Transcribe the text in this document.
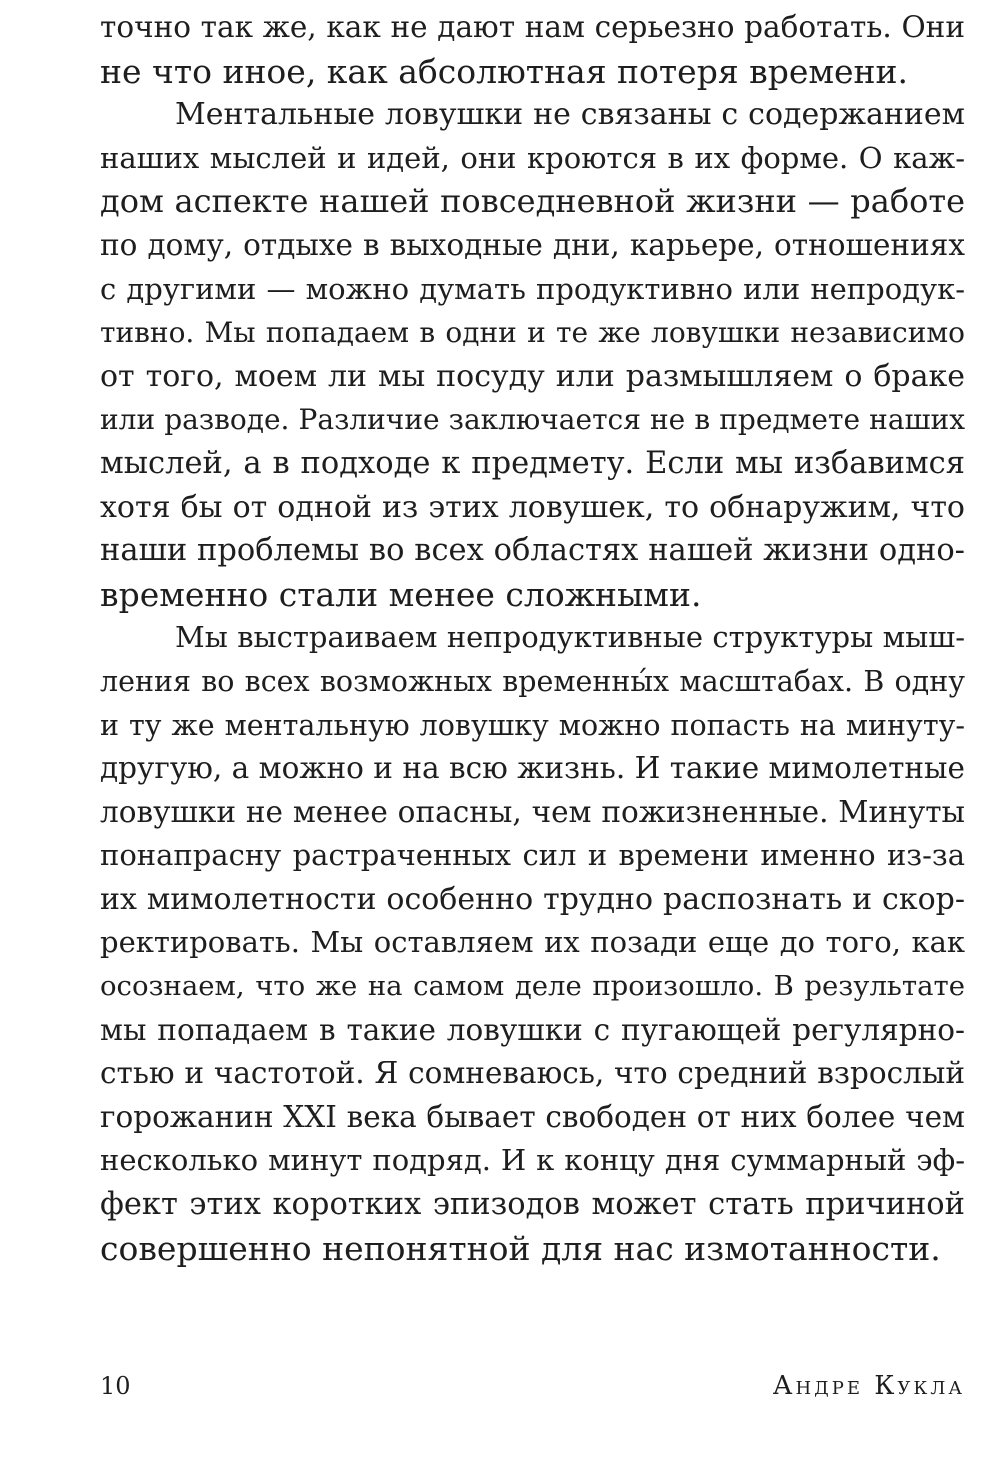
точно так же, как не дают нам серьезно работать. Они
не что иное, как абсолютная потеря времени.
Ментальные ловушки не связаны с содержанием
наших мыслей и идей, они кроются в их форме. О каж-
дом аспекте нашей повседневной жизни — работе
по дому, отдыхе в выходные дни, карьере, отношениях
с другими — можно думать продуктивно или непродук-
тивно. Мы попадаем в одни и те же ловушки независимо
от того, моем ли мы посуду или размышляем о браке
или разводе. Различие заключается не в предмете наших
мыслей, а в подходе к предмету. Если мы избавимся
хотя бы от одной из этих ловушек, то обнаружим, что
наши проблемы во всех областях нашей жизни одно-
временно стали менее сложными.
Мы выстраиваем непродуктивные структуры мыш-
ления во всех возможных временны́х масштабах. В одну
и ту же ментальную ловушку можно попасть на минуту-
другую, а можно и на всю жизнь. И такие мимолетные
ловушки не менее опасны, чем пожизненные. Минуты
понапрасну растраченных сил и времени именно из-за
их мимолетности особенно трудно распознать и скор-
ректировать. Мы оставляем их позади еще до того, как
осознаем, что же на самом деле произошло. В результате
мы попадаем в такие ловушки с пугающей регулярно-
стью и частотой. Я сомневаюсь, что средний взрослый
горожанин XXI века бывает свободен от них более чем
несколько минут подряд. И к концу дня суммарный эф-
фект этих коротких эпизодов может стать причиной
совершенно непонятной для нас измотанности.
10	Андре Кукла
